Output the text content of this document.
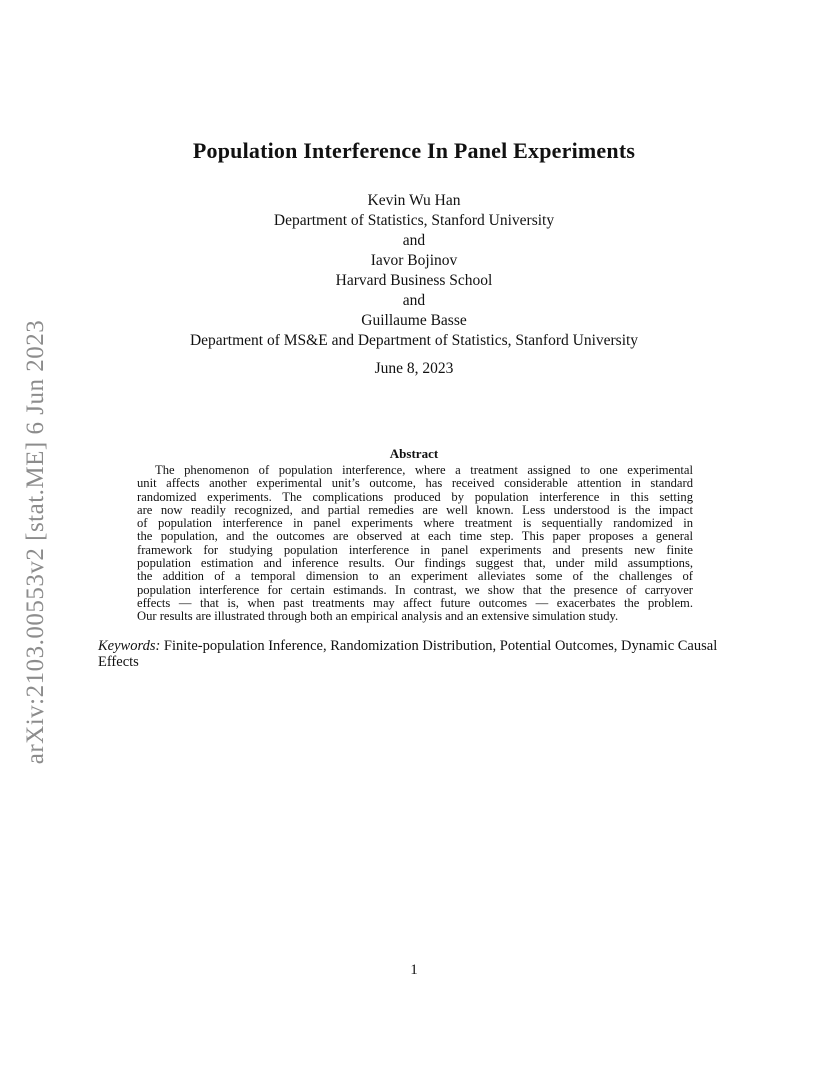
arXiv:2103.00553v2 [stat.ME] 6 Jun 2023
Population Interference In Panel Experiments
Kevin Wu Han
Department of Statistics, Stanford University
and
Iavor Bojinov
Harvard Business School
and
Guillaume Basse
Department of MS&E and Department of Statistics, Stanford University
June 8, 2023
Abstract
The phenomenon of population interference, where a treatment assigned to one experimental
unit affects another experimental unit’s outcome, has received considerable attention in standard
randomized experiments. The complications produced by population interference in this setting
are now readily recognized, and partial remedies are well known. Less understood is the impact
of population interference in panel experiments where treatment is sequentially randomized in
the population, and the outcomes are observed at each time step. This paper proposes a general
framework for studying population interference in panel experiments and presents new finite
population estimation and inference results. Our findings suggest that, under mild assumptions,
the addition of a temporal dimension to an experiment alleviates some of the challenges of
population interference for certain estimands. In contrast, we show that the presence of carryover
effects — that is, when past treatments may affect future outcomes — exacerbates the problem.
Our results are illustrated through both an empirical analysis and an extensive simulation study.
Keywords: Finite-population Inference, Randomization Distribution, Potential Outcomes, Dynamic Causal Effects
1
